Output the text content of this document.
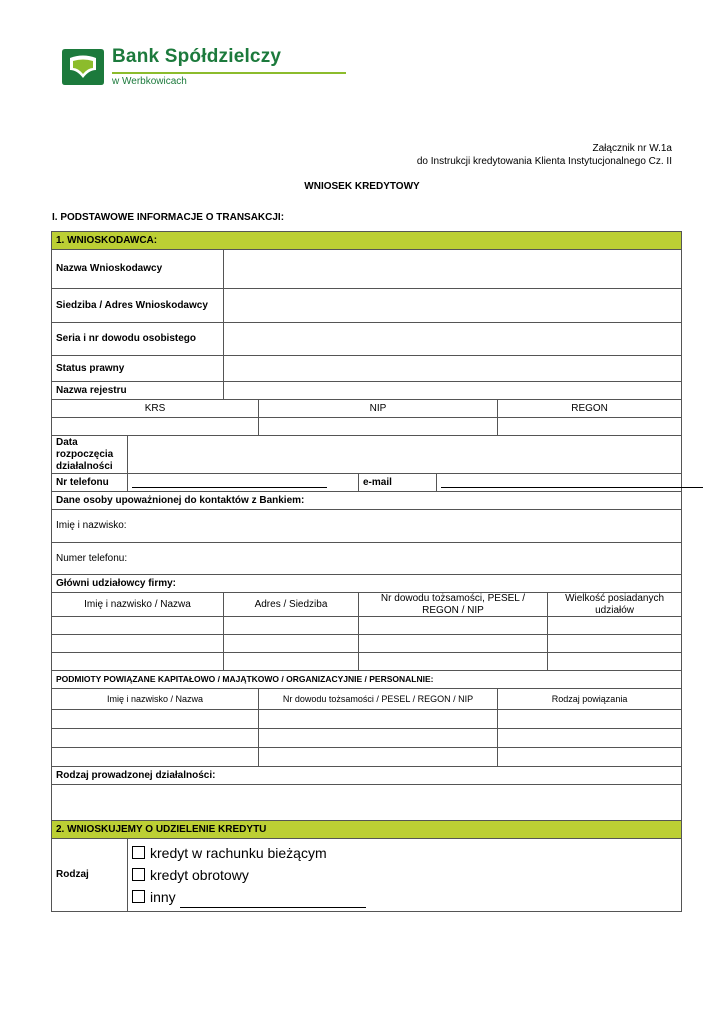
Bank Spółdzielczy
w Werbkowicach
Załącznik nr W.1a
do Instrukcji kredytowania Klienta Instytucjonalnego Cz. II
WNIOSEK KREDYTOWY
I. PODSTAWOWE INFORMACJE O TRANSAKCJI:
1. WNIOSKODAWCA:							
Nazwa Wnioskodawcy							
Siedziba / Adres Wnioskodawcy							
Seria i nr dowodu osobistego							
Status prawny							
Nazwa rejestru							
KRS			NIP			REGON	

Data rozpoczęcia działalności							
Nr telefonu				e-mail			
Dane osoby upoważnionej do kontaktów z Bankiem:							
Imię i nazwisko:							
Numer telefonu:							
Główni udziałowcy firmy:							
Imię i nazwisko / Nazwa		Adres / Siedziba		Nr dowodu tożsamości, PESEL / REGON / NIP			Wielkość posiadanych udziałów

PODMIOTY POWIĄZANE KAPITAŁOWO / MAJĄTKOWO / ORGANIZACYJNIE / PERSONALNIE:							
Imię i nazwisko / Nazwa			Nr dowodu tożsamości / PESEL / REGON / NIP			Rodzaj powiązania	

Rodzaj prowadzonej działalności:							

2. WNIOSKUJEMY O UDZIELENIE KREDYTU							
Rodzaj	kredyt w rachunku bieżącym
kredyt obrotowy
inny						
